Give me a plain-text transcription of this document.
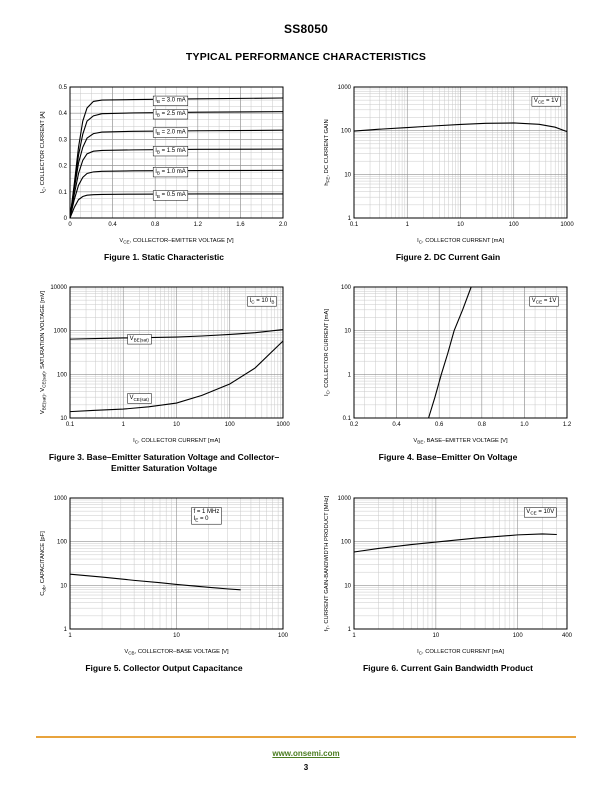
SS8050
TYPICAL PERFORMANCE CHARACTERISTICS
0	0.4	0.8	1.2	1.6	2.0
0
0.1
0.2
0.3
0.4
0.5
$V_{CE}$, COLLECTOR–EMITTER VOLTAGE [V]
$I_C$, COLLECTOR CURRENT [A]
$I_B = 3.0$ mA
$I_B = 2.5$ mA
$I_B = 2.0$ mA
$I_B = 1.5$ mA
$I_B = 1.0$ mA
$I_B = 0.5$ mA
Figure 1. Static Characteristic
0.1	1	10	100	1000
1
10
100
1000
$I_C$, COLLECTOR CURRENT [mA]
$h_{FE}$, DC CURRENT GAIN
$V_{CE} = 1V$
Figure 2. DC Current Gain
0.1	1	10	100	1000
10
100
1000
10000
$I_C$, COLLECTOR CURRENT [mA]
$V_{BE(sat)}$, $V_{CE(sat)}$, SATURATION VOLTAGE [mV]	$I_C = 10$ $I_B$
$V_{BE(sat)}$
$V_{CE(sat)}$
Figure 3. Base–Emitter Saturation Voltage and Collector–Emitter Saturation Voltage
0.2	0.4	0.6	0.8	1.0	1.2
0.1
1
10
100
$V_{BE}$, BASE–EMITTER VOLTAGE [V]
$I_C$, COLLECTOR CURRENT [mA]
$V_{CE} = 1V$
Figure 4. Base–Emitter On Voltage
1	10	100
1
10
100
1000
$V_{CB}$, COLLECTOR–BASE VOLTAGE [V]
$C_{ob}$, CAPACITANCE [pF]
f = 1 MHz $I_E = 0$
Figure 5. Collector Output Capacitance
1	10	100	400
1
10
100
1000
$I_C$, COLLECTOR CURRENT [mA]
$f_T$, CURRENT GAIN-BANDWIDTH PRODUCT [MHz]	$V_{CE} = 10V$
Figure 6. Current Gain Bandwidth Product
www.onsemi.com
3
